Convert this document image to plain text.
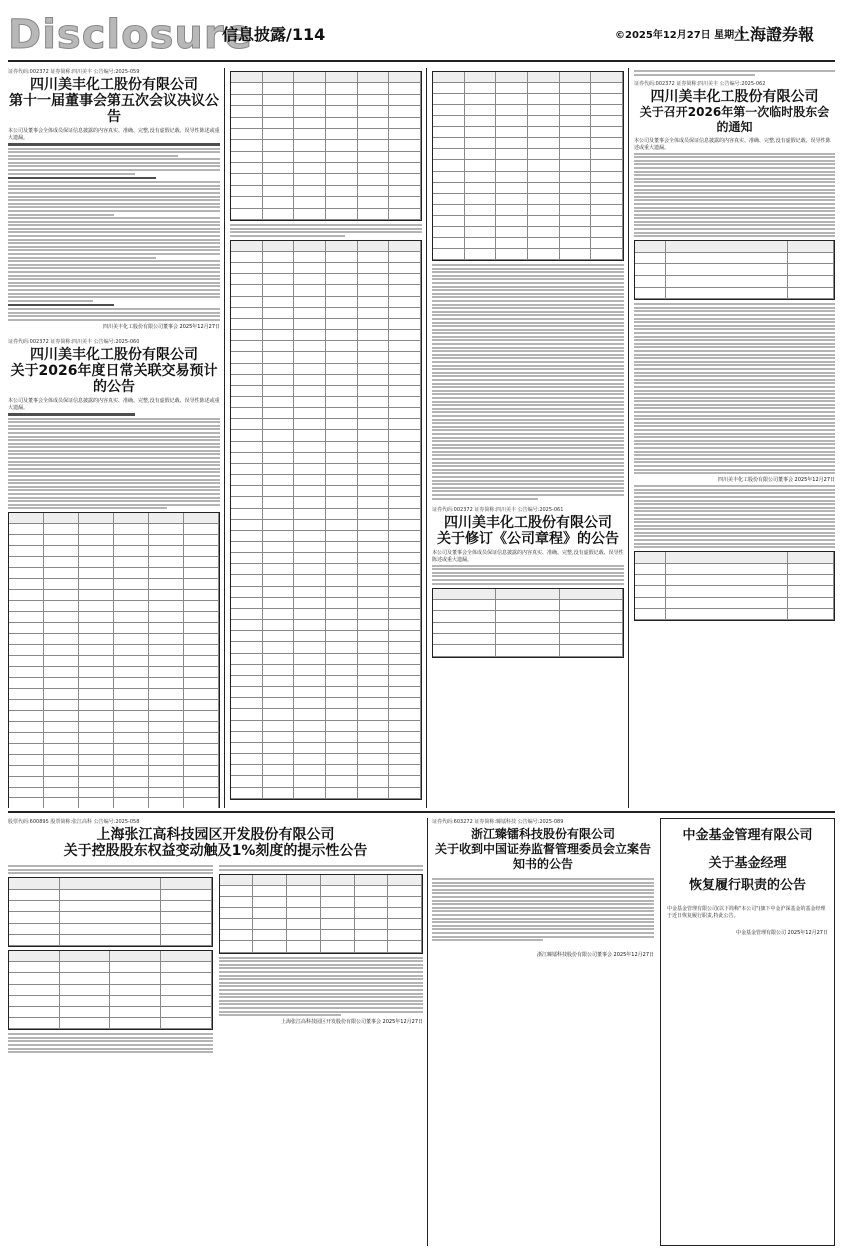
Disclosure
信息披露/114	©2025年12月27日 星期六
上海證券報
证券代码:002372 证券简称:四川美丰 公告编号:2025-059
四川美丰化工股份有限公司
第十一届董事会第五次会议决议公告
本公司及董事会全体成员保证信息披露的内容真实、准确、完整,没有虚假记载、误导性陈述或重大遗漏。
四川美丰化工股份有限公司董事会 2025年12月27日
证券代码:002372 证券简称:四川美丰 公告编号:2025-060
四川美丰化工股份有限公司
关于2026年度日常关联交易预计的公告
本公司及董事会全体成员保证信息披露的内容真实、准确、完整,没有虚假记载、误导性陈述或重大遗漏。
证券代码:002372 证券简称:四川美丰 公告编号:2025-061
四川美丰化工股份有限公司
关于修订《公司章程》的公告
本公司及董事会全体成员保证信息披露的内容真实、准确、完整,没有虚假记载、误导性陈述或重大遗漏。
证券代码:002372 证券简称:四川美丰 公告编号:2025-062
四川美丰化工股份有限公司
关于召开2026年第一次临时股东会的通知
本公司及董事会全体成员保证信息披露的内容真实、准确、完整,没有虚假记载、误导性陈述或重大遗漏。
四川美丰化工股份有限公司董事会 2025年12月27日
股票代码:600895 股票简称:张江高科 公告编号:2025-058
上海张江高科技园区开发股份有限公司
关于控股股东权益变动触及1%刻度的提示性公告
上海张江高科技园区开发股份有限公司董事会 2025年12月27日
证券代码:603272 证券简称:臻镭科技 公告编号:2025-089
浙江臻镭科技股份有限公司
关于收到中国证券监督管理委员会立案告知书的公告
浙江臻镭科技股份有限公司董事会 2025年12月27日
中金基金管理有限公司
关于基金经理
恢复履行职责的公告
中金基金管理有限公司(以下简称"本公司")旗下中金沪深基金的基金经理于近日恢复履行职责,特此公告。
中金基金管理有限公司 2025年12月27日
